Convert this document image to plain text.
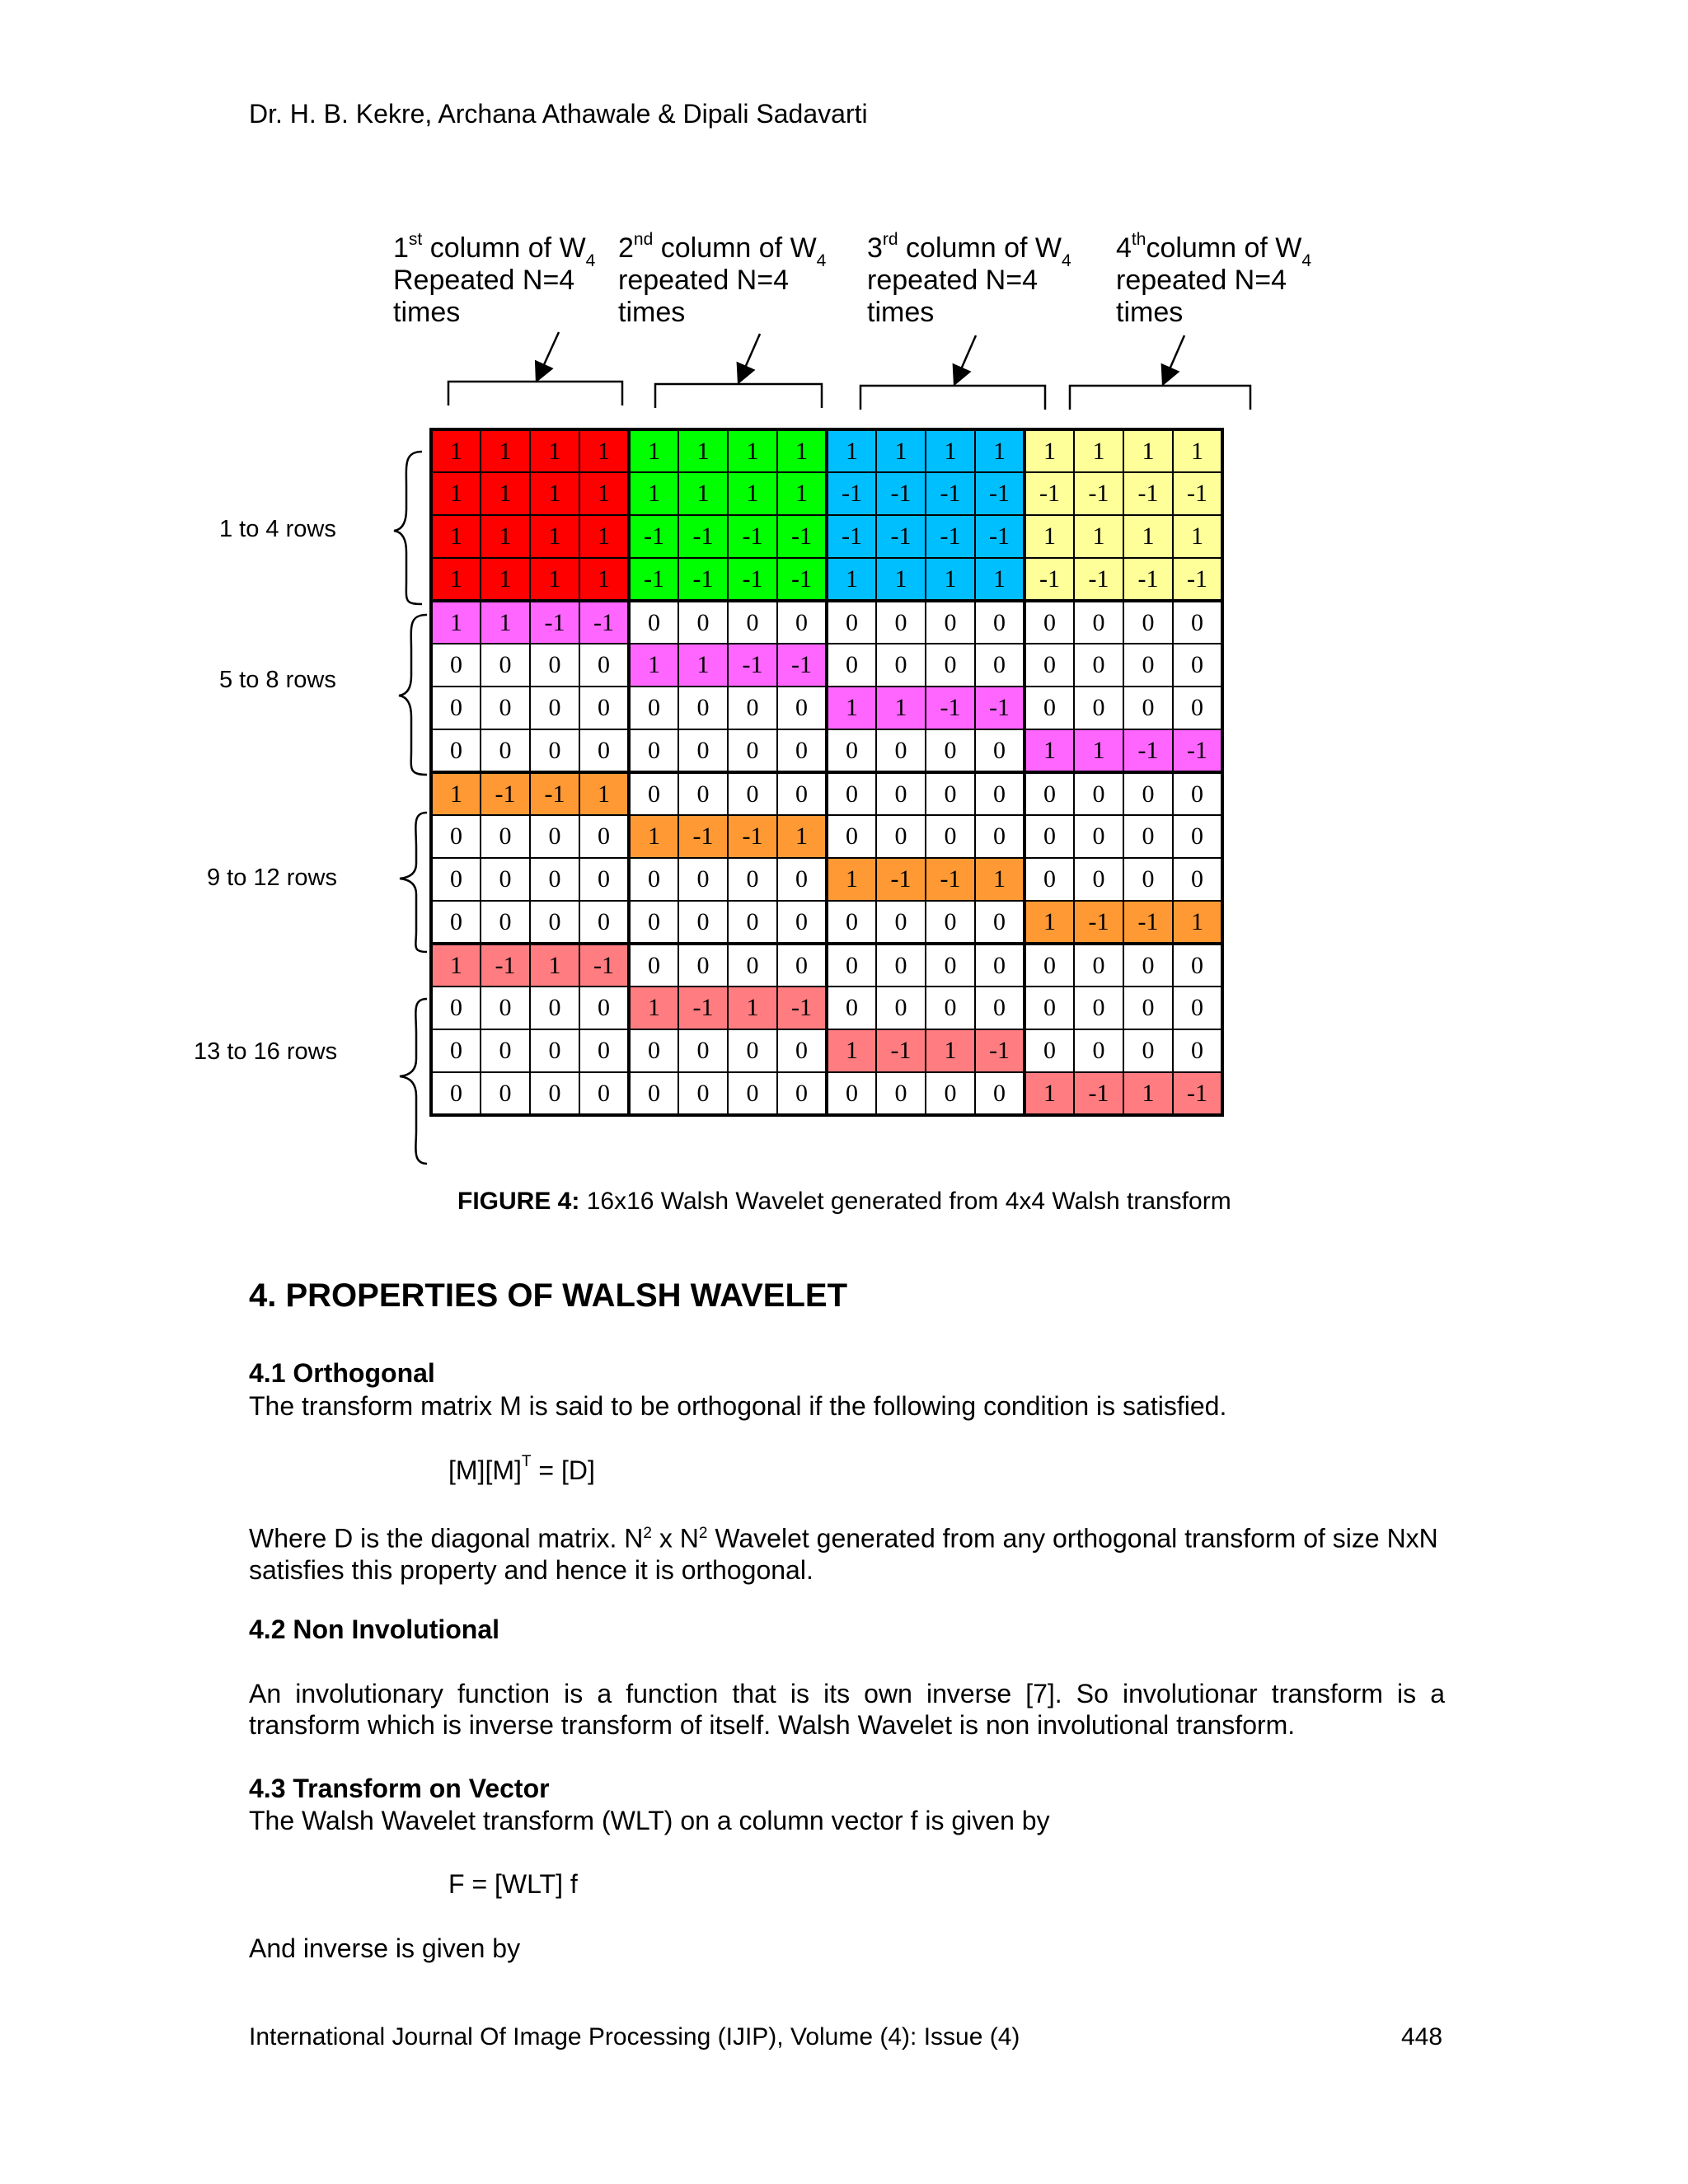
Dr. H. B. Kekre, Archana Athawale & Dipali Sadavarti
1st column of $W_4$
Repeated N=4
times
2nd column of $W_4$
repeated N=4
times
3rd column of $W_4$
repeated N=4
times
4thcolumn of $W_4$
repeated N=4
times
1 to 4 rows
5 to 8 rows
9 to 12 rows
13 to 16 rows
1	1	1	1	1	1	1	1	1	1	1	1	1	1	1	1
1	1	1	1	1	1	1	1	-1	-1	-1	-1	-1	-1	-1	-1
1	1	1	1	-1	-1	-1	-1	-1	-1	-1	-1	1	1	1	1
1	1	1	1	-1	-1	-1	-1	1	1	1	1	-1	-1	-1	-1
1	1	-1	-1	0	0	0	0	0	0	0	0	0	0	0	0
0	0	0	0	1	1	-1	-1	0	0	0	0	0	0	0	0
0	0	0	0	0	0	0	0	1	1	-1	-1	0	0	0	0
0	0	0	0	0	0	0	0	0	0	0	0	1	1	-1	-1
1	-1	-1	1	0	0	0	0	0	0	0	0	0	0	0	0
0	0	0	0	1	-1	-1	1	0	0	0	0	0	0	0	0
0	0	0	0	0	0	0	0	1	-1	-1	1	0	0	0	0
0	0	0	0	0	0	0	0	0	0	0	0	1	-1	-1	1
1	-1	1	-1	0	0	0	0	0	0	0	0	0	0	0	0
0	0	0	0	1	-1	1	-1	0	0	0	0	0	0	0	0
0	0	0	0	0	0	0	0	1	-1	1	-1	0	0	0	0
0	0	0	0	0	0	0	0	0	0	0	0	1	-1	1	-1
FIGURE 4: 16x16 Walsh Wavelet generated from 4x4 Walsh transform
4. PROPERTIES OF WALSH WAVELET
4.1 Orthogonal
The transform matrix M is said to be orthogonal if the following condition is satisfied.
$[M][M]^T = [D]$
Where D is the diagonal matrix. $N^2$ x $N^2$ Wavelet generated from any orthogonal transform of size NxN satisfies this property and hence it is orthogonal.
4.2 Non Involutional
An involutionary function is a function that is its own inverse [7]. So involutionar transform is a transform which is inverse transform of itself. Walsh Wavelet is non involutional transform.
4.3 Transform on Vector
The Walsh Wavelet transform (WLT) on a column vector f is given by
F = [WLT] f
And inverse is given by
International Journal Of Image Processing (IJIP), Volume (4): Issue (4)	448
